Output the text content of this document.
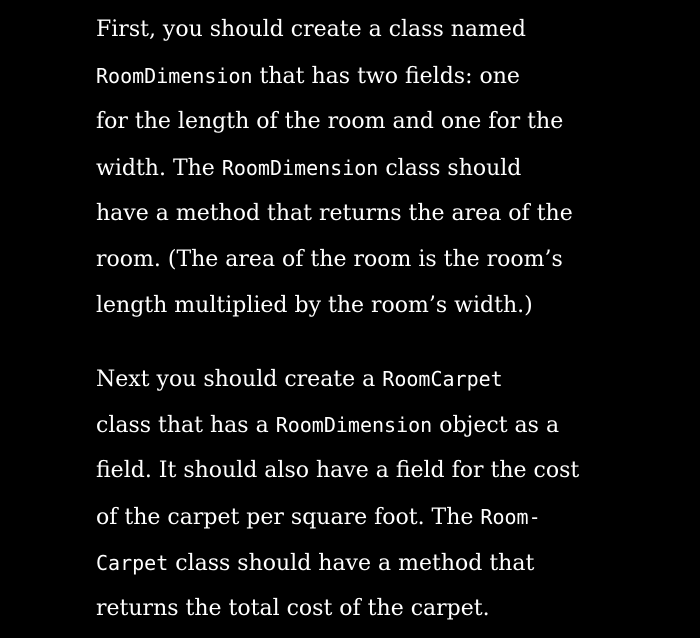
First, you should create a class named
RoomDimension that has two fields: one
for the length of the room and one for the
width. The RoomDimension class should
have a method that returns the area of the
room. (The area of the room is the room’s
length multiplied by the room’s width.)
Next you should create a RoomCarpet
class that has a RoomDimension object as a
field. It should also have a field for the cost
of the carpet per square foot. The Room-
Carpet class should have a method that
returns the total cost of the carpet.
